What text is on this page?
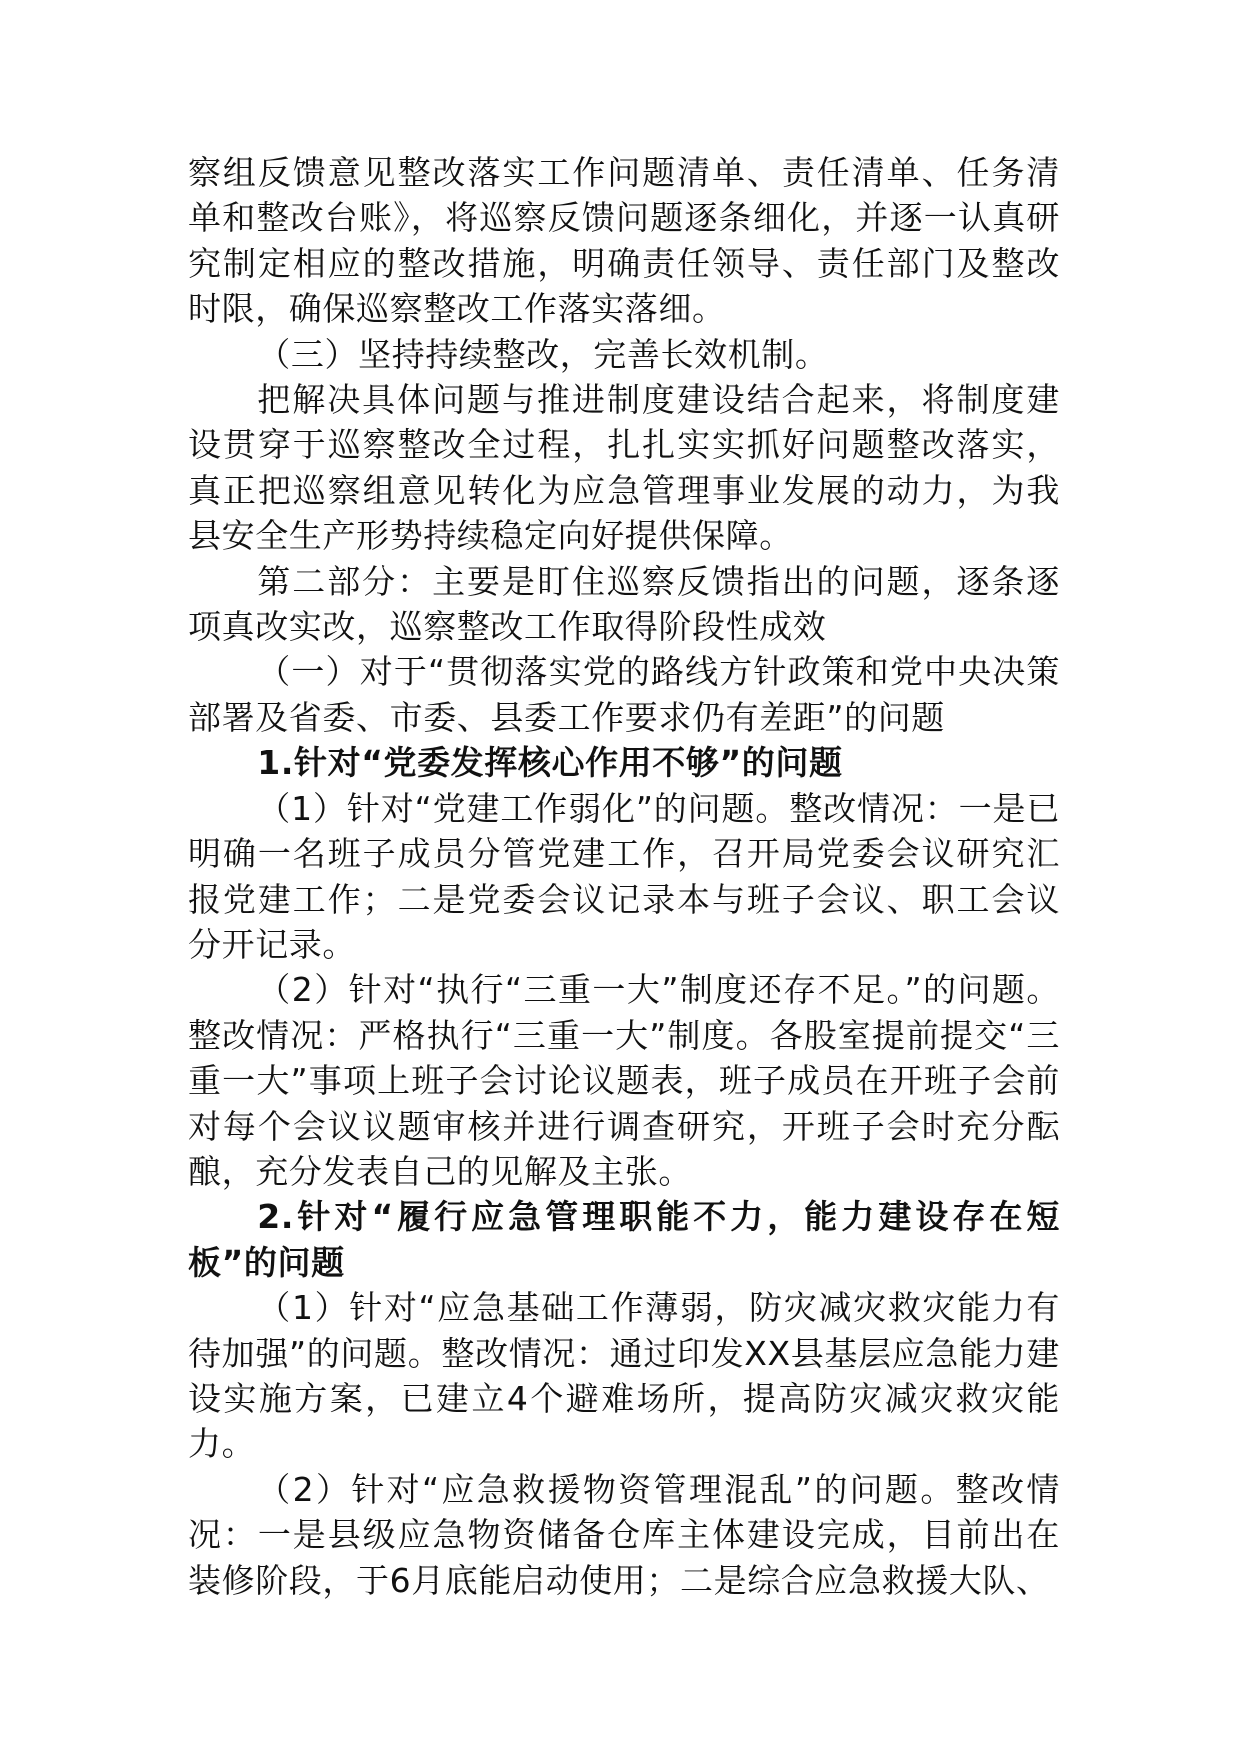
察组反馈意见整改落实工作问题清单、责任清单、任务清单和整改台账》，将巡察反馈问题逐条细化，并逐一认真研究制定相应的整改措施，明确责任领导、责任部门及整改时限，确保巡察整改工作落实落细。

（三）坚持持续整改，完善长效机制。

把解决具体问题与推进制度建设结合起来，将制度建设贯穿于巡察整改全过程，扎扎实实抓好问题整改落实，真正把巡察组意见转化为应急管理事业发展的动力，为我县安全生产形势持续稳定向好提供保障。

第二部分：主要是盯住巡察反馈指出的问题，逐条逐项真改实改，巡察整改工作取得阶段性成效

（一）对于“贯彻落实党的路线方针政策和党中央决策部署及省委、市委、县委工作要求仍有差距”的问题

1.针对“党委发挥核心作用不够”的问题

（1）针对“党建工作弱化”的问题。整改情况：一是已明确一名班子成员分管党建工作，召开局党委会议研究汇报党建工作；二是党委会议记录本与班子会议、职工会议分开记录。

（2）针对“执行“三重一大”制度还存不足。”的问题。整改情况：严格执行“三重一大”制度。各股室提前提交“三重一大”事项上班子会讨论议题表，班子成员在开班子会前对每个会议议题审核并进行调查研究，开班子会时充分酝酿，充分发表自己的见解及主张。

2.针对“履行应急管理职能不力，能力建设存在短板”的问题

（1）针对“应急基础工作薄弱，防灾减灾救灾能力有待加强”的问题。整改情况：通过印发XX县基层应急能力建设实施方案，已建立4个避难场所，提高防灾减灾救灾能力。

（2）针对“应急救援物资管理混乱”的问题。整改情况：一是县级应急物资储备仓库主体建设完成，目前出在装修阶段，于6月底能启动使用；二是综合应急救援大队、
